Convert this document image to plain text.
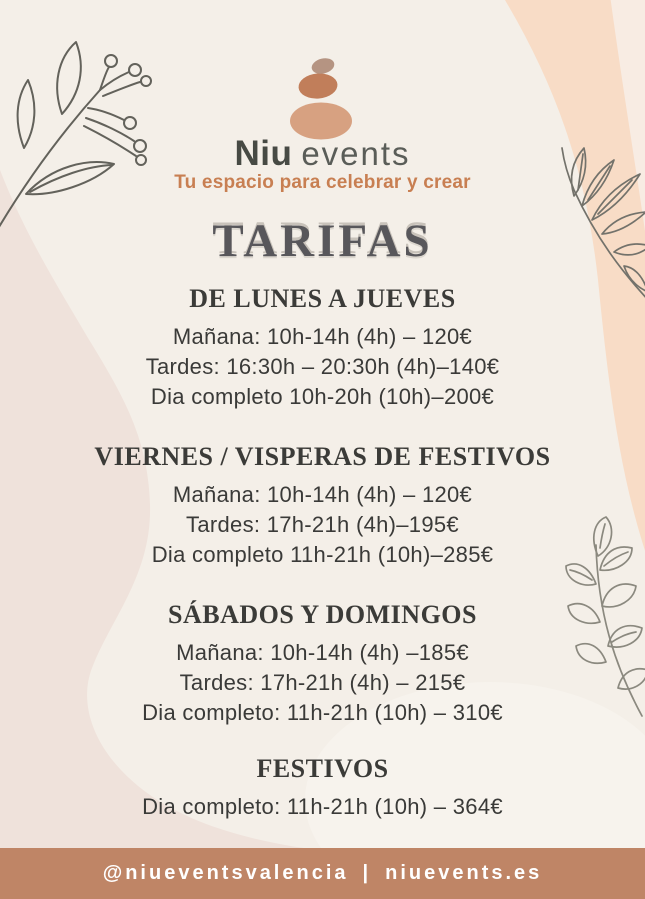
Niu events
Tu espacio para celebrar y crear
TARIFAS
DE LUNES A JUEVES

Mañana: 10h-14h (4h) – 120€

Tardes: 16:30h – 20:30h (4h)–140€

Dia completo 10h-20h (10h)–200€

VIERNES / VISPERAS DE FESTIVOS

Mañana: 10h-14h (4h) – 120€

Tardes: 17h-21h (4h)–195€

Dia completo 11h-21h (10h)–285€

SÁBADOS Y DOMINGOS

Mañana: 10h-14h (4h) –185€

Tardes: 17h-21h (4h) – 215€

Dia completo: 11h-21h (10h) – 310€

FESTIVOS

Dia completo: 11h-21h (10h) – 364€

@niueventsvalencia | niuevents.es
